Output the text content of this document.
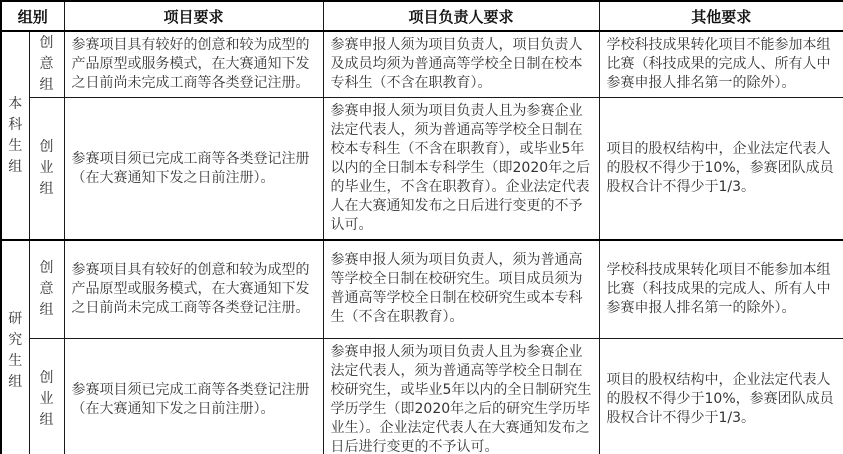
组别		项目要求	项目负责人要求	其他要求
本科生组	创意组	参赛项目具有较好的创意和较为成型的产品原型或服务模式，在大赛通知下发之日前尚未完成工商等各类登记注册。	参赛申报人须为项目负责人，项目负责人及成员均须为普通高等学校全日制在校本专科生（不含在职教育）。	学校科技成果转化项目不能参加本组比赛（科技成果的完成人、所有人中参赛申报人排名第一的除外）。
	创业组	参赛项目须已完成工商等各类登记注册（在大赛通知下发之日前注册）。	参赛申报人须为项目负责人且为参赛企业法定代表人，须为普通高等学校全日制在校本专科生（不含在职教育），或毕业5年以内的全日制本专科学生（即2020年之后的毕业生，不含在职教育）。企业法定代表人在大赛通知发布之日后进行变更的不予认可。	项目的股权结构中，企业法定代表人的股权不得少于10%，参赛团队成员股权合计不得少于1/3。
研究生组	创意组	参赛项目具有较好的创意和较为成型的产品原型或服务模式，在大赛通知下发之日前尚未完成工商等各类登记注册。	参赛申报人须为项目负责人，须为普通高等学校全日制在校研究生。项目成员须为普通高等学校全日制在校研究生或本专科生（不含在职教育）。	学校科技成果转化项目不能参加本组比赛（科技成果的完成人、所有人中参赛申报人排名第一的除外）。
	创业组	参赛项目须已完成工商等各类登记注册（在大赛通知下发之日前注册）。	参赛申报人须为项目负责人且为参赛企业法定代表人，须为普通高等学校全日制在校研究生，或毕业5年以内的全日制研究生学历学生（即2020年之后的研究生学历毕业生）。企业法定代表人在大赛通知发布之日后进行变更的不予认可。	项目的股权结构中，企业法定代表人的股权不得少于10%，参赛团队成员股权合计不得少于1/3。
